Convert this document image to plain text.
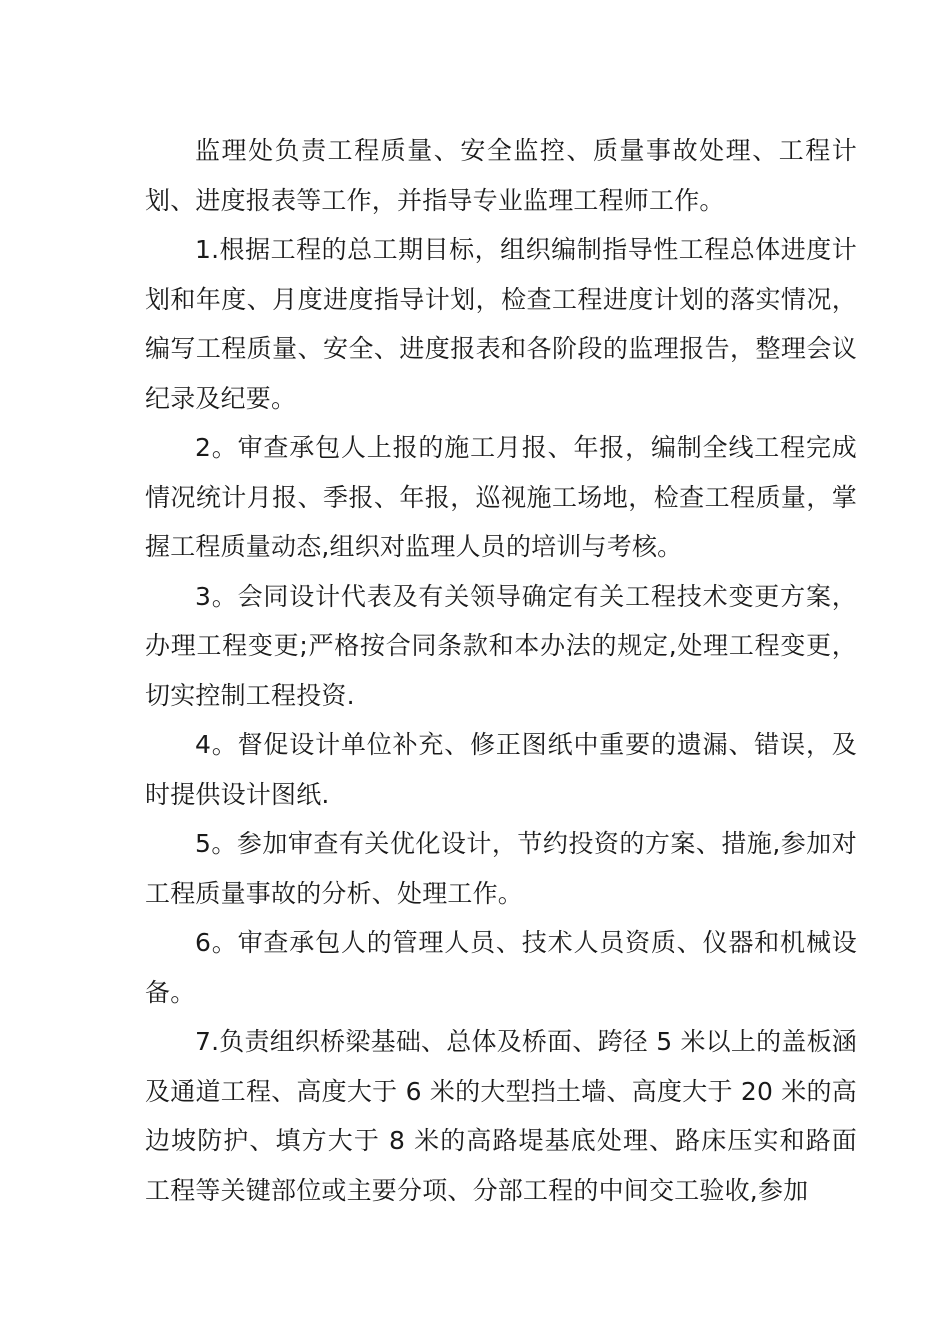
监理处负责工程质量、安全监控、质量事故处理、工程计划、进度报表等工作，并指导专业监理工程师工作。

1.根据工程的总工期目标，组织编制指导性工程总体进度计划和年度、月度进度指导计划，检查工程进度计划的落实情况，编写工程质量、安全、进度报表和各阶段的监理报告，整理会议纪录及纪要。

2。审查承包人上报的施工月报、年报，编制全线工程完成情况统计月报、季报、年报，巡视施工场地，检查工程质量，掌握工程质量动态,组织对监理人员的培训与考核。

3。会同设计代表及有关领导确定有关工程技术变更方案，办理工程变更;严格按合同条款和本办法的规定,处理工程变更，切实控制工程投资.

4。督促设计单位补充、修正图纸中重要的遗漏、错误，及时提供设计图纸.

5。参加审查有关优化设计，节约投资的方案、措施,参加对工程质量事故的分析、处理工作。

6。审查承包人的管理人员、技术人员资质、仪器和机械设备。

7.负责组织桥梁基础、总体及桥面、跨径 5 米以上的盖板涵及通道工程、高度大于 6 米的大型挡土墙、高度大于 20 米的高边坡防护、填方大于 8 米的高路堤基底处理、路床压实和路面工程等关键部位或主要分项、分部工程的中间交工验收,参加
